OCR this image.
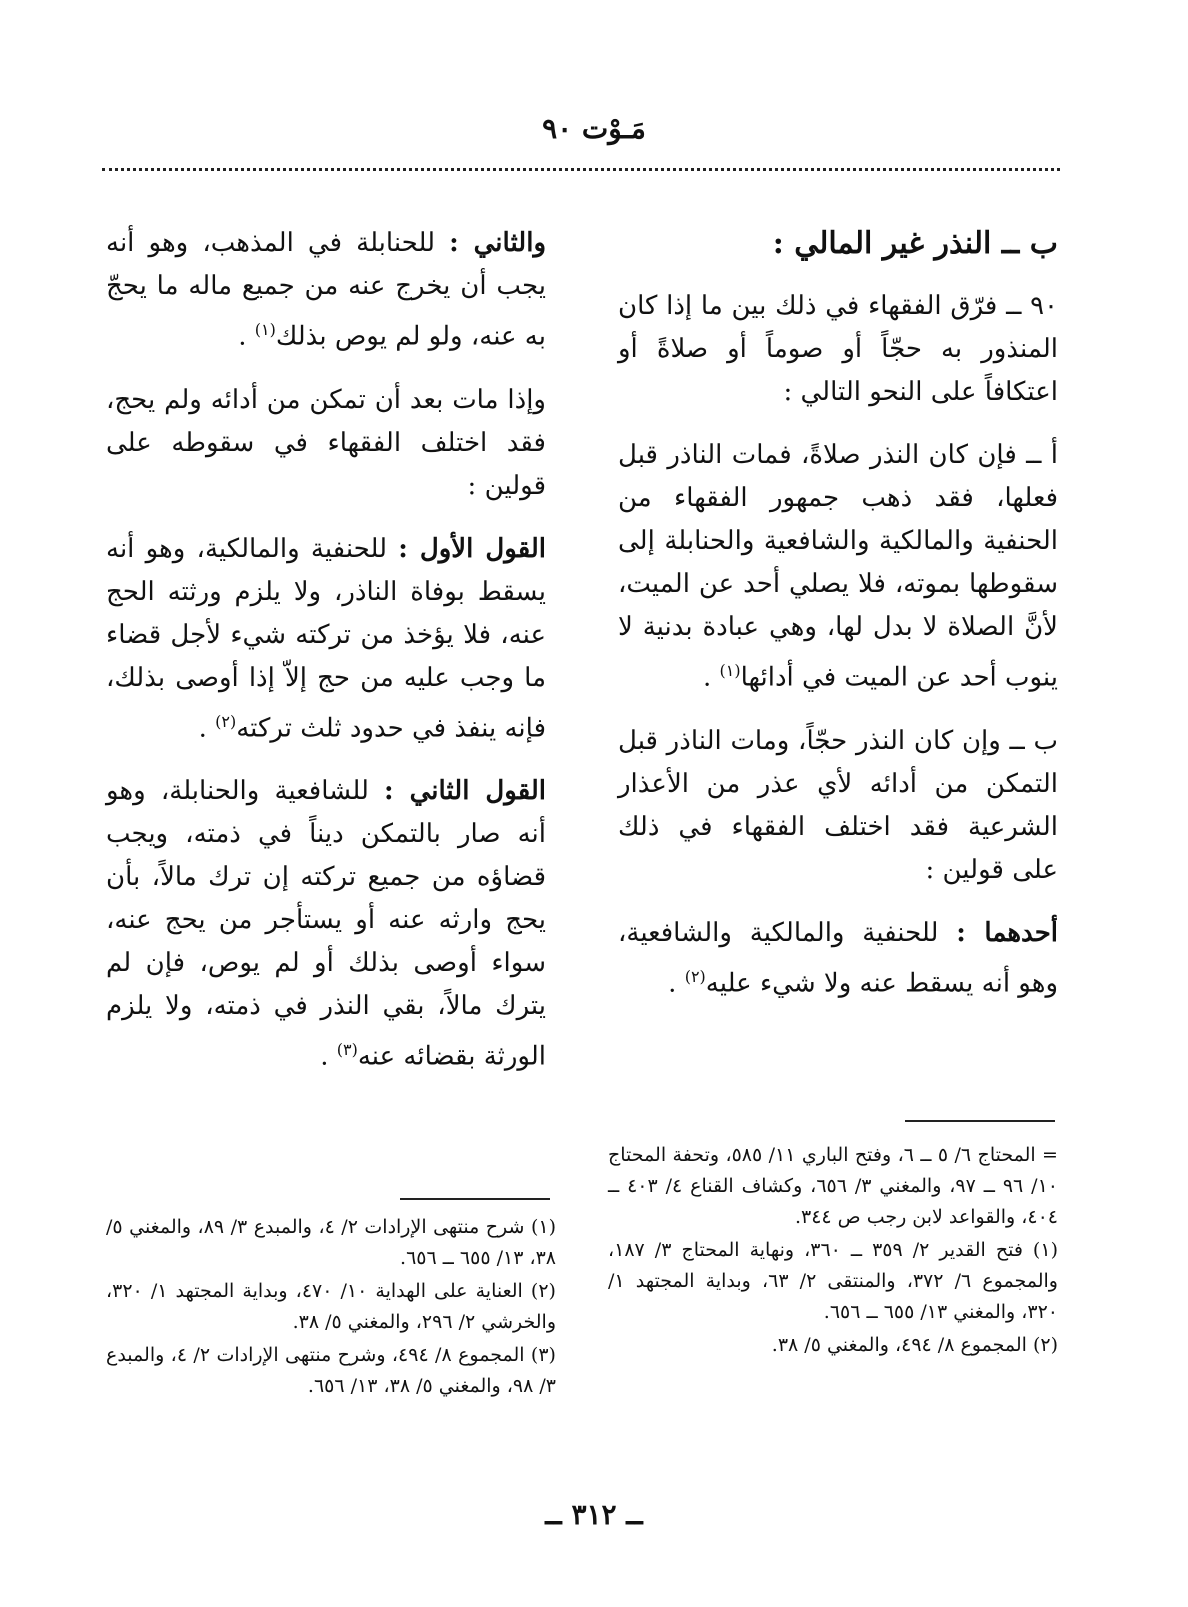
مَـوْت ٩٠

ب ــ النذر غير المالي :

٩٠ ــ فرّق الفقهاء في ذلك بين ما إذا كان المنذور به حجّاً أو صوماً أو صلاةً أو اعتكافاً على النحو التالي :

أ ــ فإن كان النذر صلاةً، فمات الناذر قبل فعلها، فقد ذهب جمهور الفقهاء من الحنفية والمالكية والشافعية والحنابلة إلى سقوطها بموته، فلا يصلي أحد عن الميت، لأنَّ الصلاة لا بدل لها، وهي عبادة بدنية لا ينوب أحد عن الميت في أدائها$^{(١)}$ .

ب ــ وإن كان النذر حجّاً، ومات الناذر قبل التمكن من أدائه لأي عذر من الأعذار الشرعية فقد اختلف الفقهاء في ذلك على قولين :

أحدهما : للحنفية والمالكية والشافعية، وهو أنه يسقط عنه ولا شيء عليه$^{(٢)}$ .

والثاني : للحنابلة في المذهب، وهو أنه يجب أن يخرج عنه من جميع ماله ما يحجّ به عنه، ولو لم يوص بذلك$^{(١)}$ .

وإذا مات بعد أن تمكن من أدائه ولم يحج، فقد اختلف الفقهاء في سقوطه على قولين :

القول الأول : للحنفية والمالكية، وهو أنه يسقط بوفاة الناذر، ولا يلزم ورثته الحج عنه، فلا يؤخذ من تركته شيء لأجل قضاء ما وجب عليه من حج إلاّ إذا أوصى بذلك، فإنه ينفذ في حدود ثلث تركته$^{(٢)}$ .

القول الثاني : للشافعية والحنابلة، وهو أنه صار بالتمكن ديناً في ذمته، ويجب قضاؤه من جميع تركته إن ترك مالاً، بأن يحج وارثه عنه أو يستأجر من يحج عنه، سواء أوصى بذلك أو لم يوص، فإن لم يترك مالاً، بقي النذر في ذمته، ولا يلزم الورثة بقضائه عنه$^{(٣)}$ .

= المحتاج ٦/ ٥ ــ ٦، وفتح الباري ١١/ ٥٨٥، وتحفة المحتاج ١٠/ ٩٦ ــ ٩٧، والمغني ٣/ ٦٥٦، وكشاف القناع ٤/ ٤٠٣ ــ ٤٠٤، والقواعد لابن رجب ص ٣٤٤.
(١) فتح القدير ٢/ ٣٥٩ ــ ٣٦٠، ونهاية المحتاج ٣/ ١٨٧، والمجموع ٦/ ٣٧٢، والمنتقى ٢/ ٦٣، وبداية المجتهد ١/ ٣٢٠، والمغني ١٣/ ٦٥٥ ــ ٦٥٦.
(٢) المجموع ٨/ ٤٩٤، والمغني ٥/ ٣٨.
(١) شرح منتهى الإرادات ٢/ ٤، والمبدع ٣/ ٨٩، والمغني ٥/ ٣٨، ١٣/ ٦٥٥ ــ ٦٥٦.
(٢) العناية على الهداية ١٠/ ٤٧٠، وبداية المجتهد ١/ ٣٢٠، والخرشي ٢/ ٢٩٦، والمغني ٥/ ٣٨.
(٣) المجموع ٨/ ٤٩٤، وشرح منتهى الإرادات ٢/ ٤، والمبدع ٣/ ٩٨، والمغني ٥/ ٣٨، ١٣/ ٦٥٦.
ــ ٣١٢ ــ
